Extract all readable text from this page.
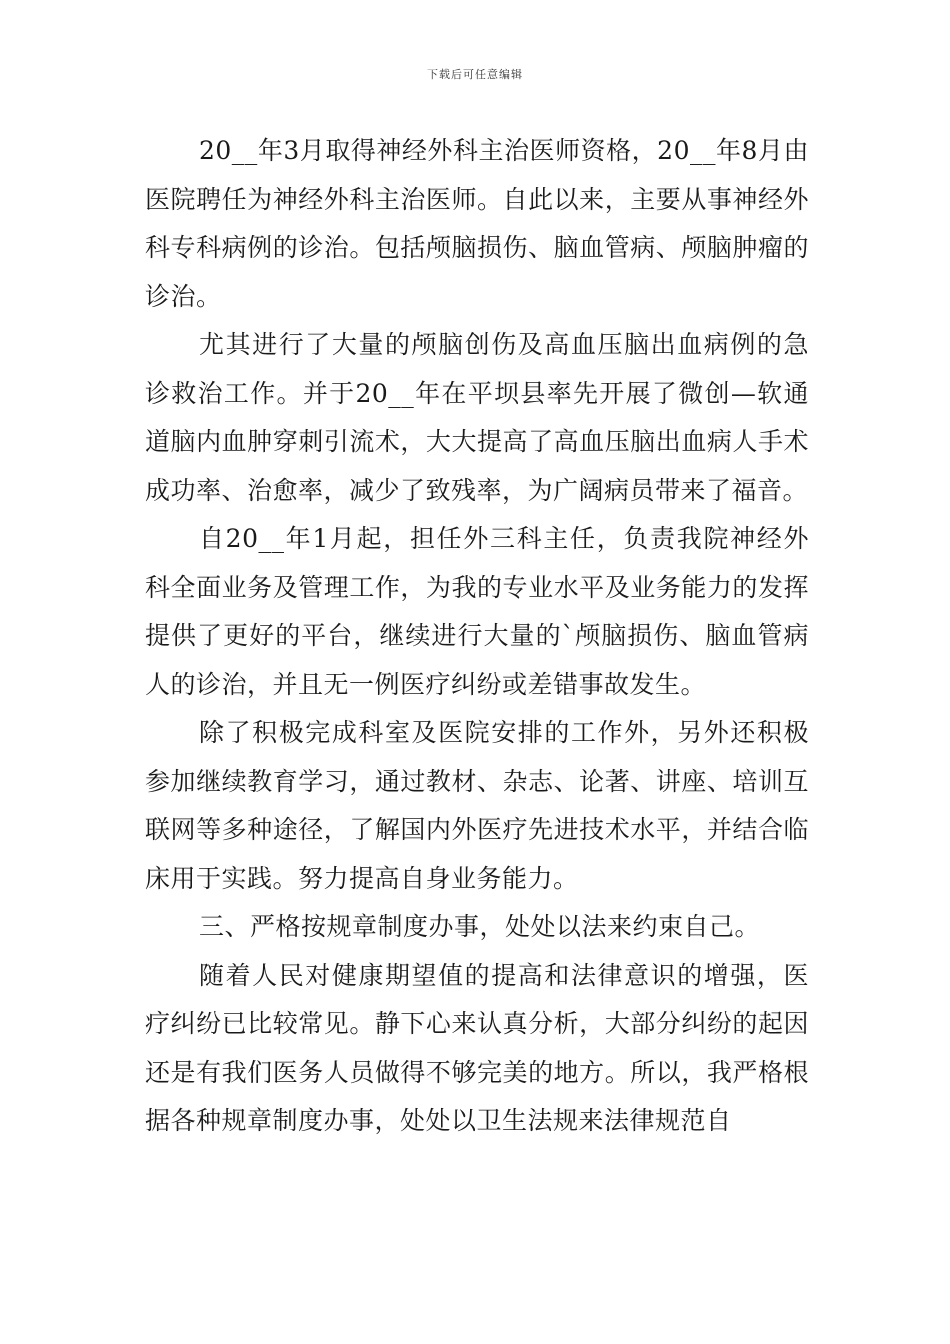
下载后可任意编辑

20__年3月取得神经外科主治医师资格，20__年8月由医院聘任为神经外科主治医师。自此以来，主要从事神经外科专科病例的诊治。包括颅脑损伤、脑血管病、颅脑肿瘤的诊治。

尤其进行了大量的颅脑创伤及高血压脑出血病例的急诊救治工作。并于20__年在平坝县率先开展了微创—软通道脑内血肿穿刺引流术，大大提高了高血压脑出血病人手术成功率、治愈率，减少了致残率，为广阔病员带来了福音。

自20__年1月起，担任外三科主任，负责我院神经外科全面业务及管理工作，为我的专业水平及业务能力的发挥提供了更好的平台，继续进行大量的`颅脑损伤、脑血管病人的诊治，并且无一例医疗纠纷或差错事故发生。

除了积极完成科室及医院安排的工作外，另外还积极参加继续教育学习，通过教材、杂志、论著、讲座、培训互联网等多种途径，了解国内外医疗先进技术水平，并结合临床用于实践。努力提高自身业务能力。

三、严格按规章制度办事，处处以法来约束自己。

随着人民对健康期望值的提高和法律意识的增强，医疗纠纷已比较常见。静下心来认真分析，大部分纠纷的起因还是有我们医务人员做得不够完美的地方。所以，我严格根据各种规章制度办事，处处以卫生法规来法律规范自
